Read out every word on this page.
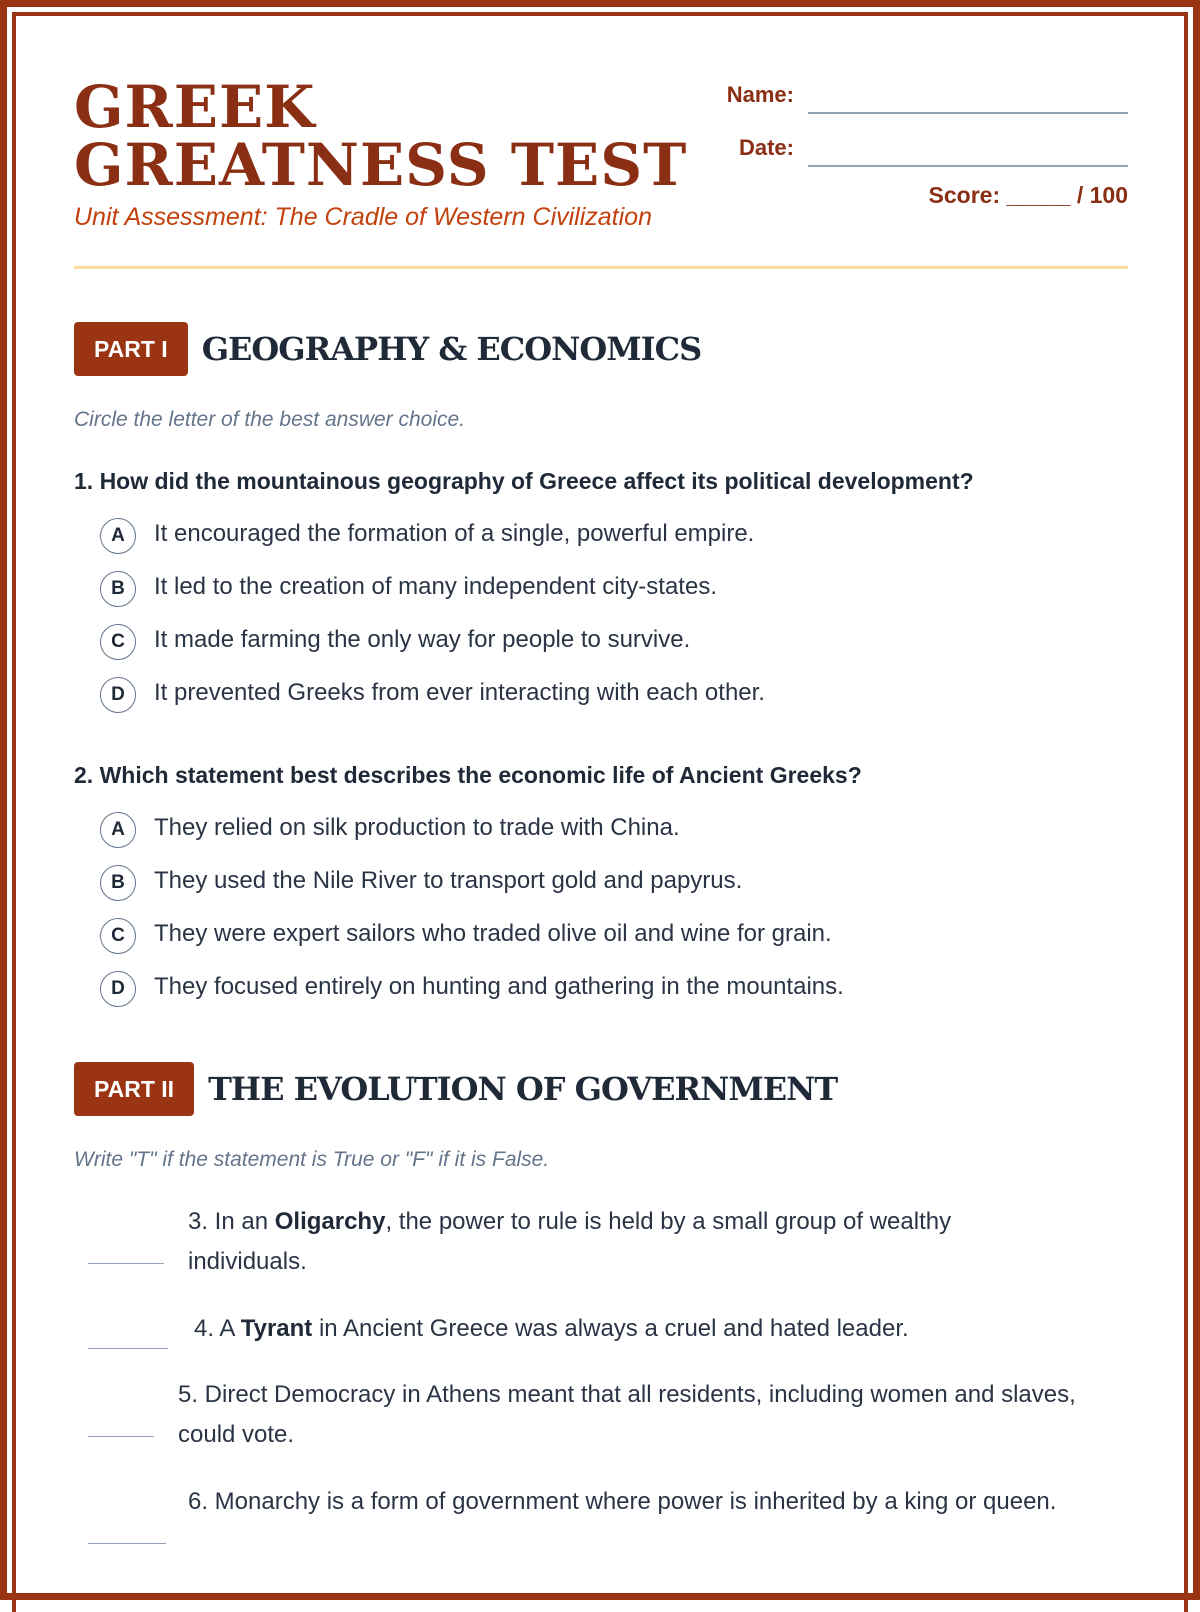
GREEK GREATNESS TEST

Unit Assessment: The Cradle of Western Civilization

Name:
Date:
Score: _____ / 100
PART I GEOGRAPHY & ECONOMICS
Circle the letter of the best answer choice.
1. How did the mountainous geography of Greece affect its political development?
A	It encouraged the formation of a single, powerful empire.
B	It led to the creation of many independent city-states.
C	It made farming the only way for people to survive.
D	It prevented Greeks from ever interacting with each other.
2. Which statement best describes the economic life of Ancient Greeks?
A	They relied on silk production to trade with China.
B	They used the Nile River to transport gold and papyrus.
C	They were expert sailors who traded olive oil and wine for grain.
D	They focused entirely on hunting and gathering in the mountains.
PART II THE EVOLUTION OF GOVERNMENT
Write "T" if the statement is True or "F" if it is False.
3. In an Oligarchy, the power to rule is held by a small group of wealthy individuals.
4. A Tyrant in Ancient Greece was always a cruel and hated leader.
5. Direct Democracy in Athens meant that all residents, including women and slaves, could vote.
6. Monarchy is a form of government where power is inherited by a king or queen.
